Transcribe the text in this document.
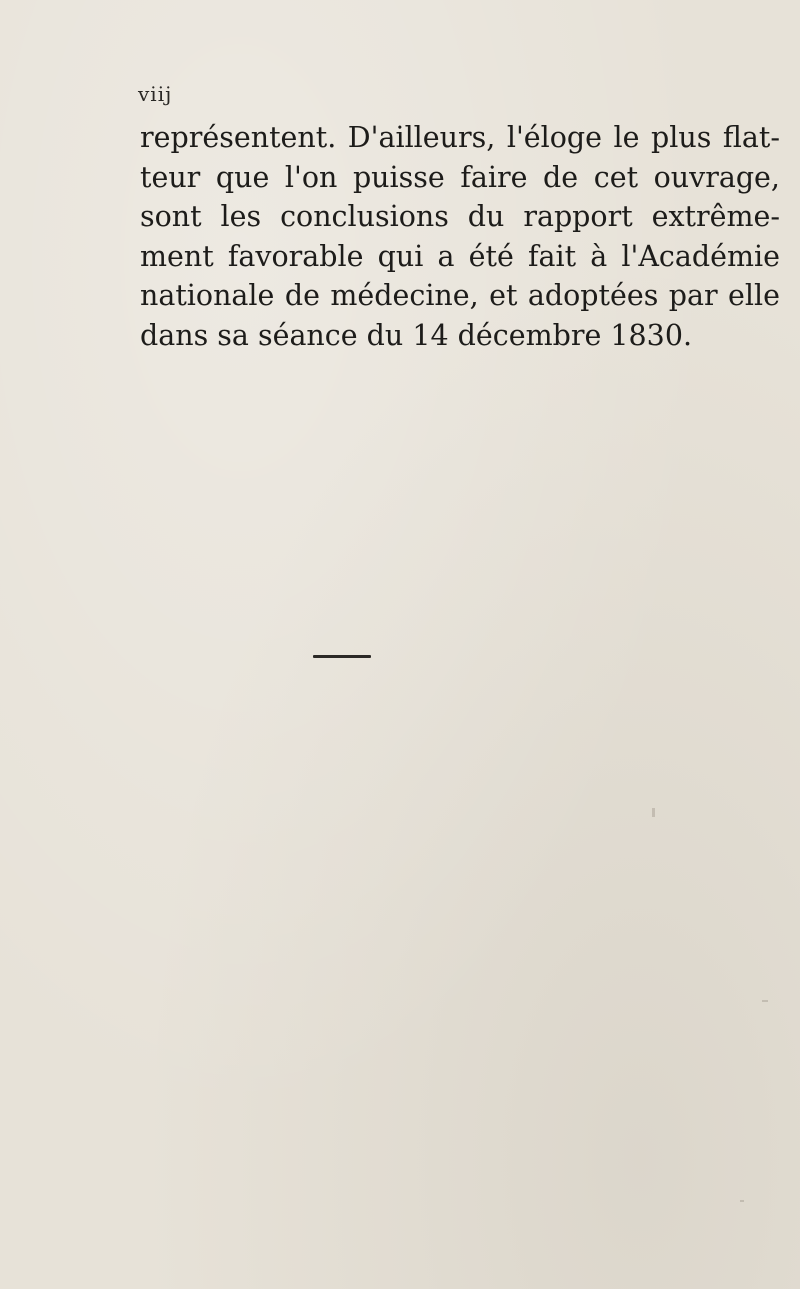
viij
représentent. D'ailleurs, l'éloge le plus flat-
teur que l'on puisse faire de cet ouvrage,
sont les conclusions du rapport extrême-
ment favorable qui a été fait à l'Académie
nationale de médecine, et adoptées par elle
dans sa séance du 14 décembre 1830.
